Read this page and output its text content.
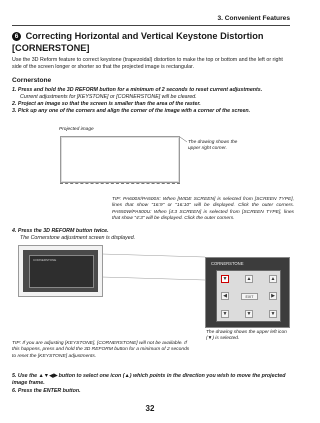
3. Convenient Features
6 Correcting Horizontal and Vertical Keystone Distortion [CORNERSTONE]
Use the 3D Reform feature to correct keystone (trapezoidal) distortion to make the top or bottom and the left or right side of the screen longer or shorter so that the projected image is rectangular.
Cornerstone
1. Press and hold the 3D REFORM button for a minimum of 2 seconds to reset current adjustments.
Current adjustments for [KEYSTONE] or [CORNERSTONE] will be cleared.
2. Project an image so that the screen is smaller than the area of the raster.
3. Pick up any one of the corners and align the corner of the image with a corner of the screen.
Projected image
The drawing shows the upper right corner.
TIP: PA600X/PA500X: When [WIDE SCREEN] is selected from [SCREEN TYPE], lines that show "16:9" or "16:10" will be displayed. Click the outer corners. PA550W/PA500U: When [4:3 SCREEN] is selected from [SCREEN TYPE], lines that show "4:3" will be displayed. Click the outer corners.
4. Press the 3D REFORM button twice.
The Cornerstone adjustment screen is displayed.
CORNERSTONE
CORNERSTONE
▼	▲	▲
◀	EXIT	▶
▼	▼	▼
The drawing shows the upper left icon (▼) is selected.
TIP: If you are adjusting [KEYSTONE], [CORNERSTONE] will not be available. If this happens, press and hold the 3D REFORM button for a minimum of 2 seconds to reset the [KEYSTONE] adjustments.
5. Use the ▲▼◀▶ button to select one icon (▲) which points in the direction you wish to move the projected image frame.
6. Press the ENTER button.
32
